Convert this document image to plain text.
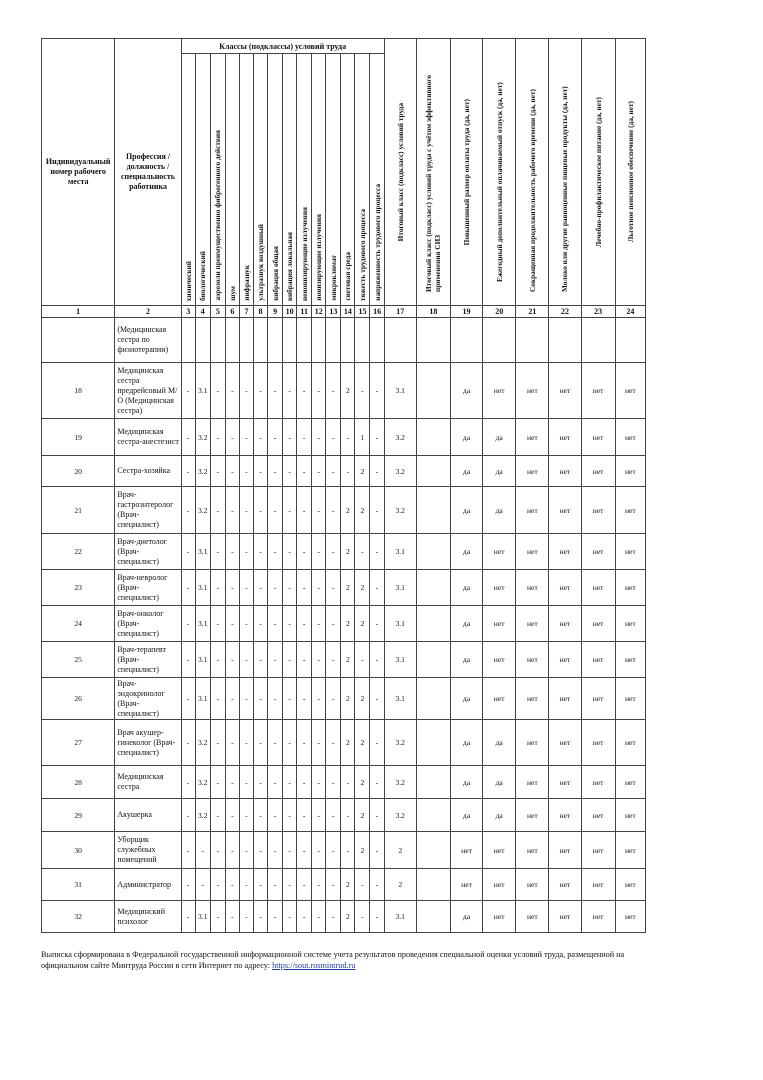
Индивидуальный номер рабочего места	Профессия / должность / специальность работника	Классы (подклассы) условий труда														Итоговый класс (подкласс) условий труда	Итоговый класс (подкласс) условий труда с учётом эффективного применения СИЗ	Повышенный размер оплаты труда (да, нет)	Ежегодный дополнительный оплачиваемый отпуск (да, нет)	Сокращенная продолжительность рабочего времени (да, нет)	Молоко или другие равноценные пищевые продукты (да, нет)	Лечебно-профилактическое питание (да, нет)	Льготное пенсионное обеспечение (да, нет)

		химический	биологический	аэрозоли преимущественно фиброгенного действия	шум	инфразвук	ультразвук воздушный	вибрация общая	вибрация локальная	неионизирующие излучения	ионизирующие излучения	микроклимат	световая среда	тяжесть трудового процесса	напряженность трудового процесса								

1	2	3	4	5	6	7	8	9	10	11	12	13	14	15	16	17	18	19	20	21	22	23	24
	(Медицинская сестра по физиотерапии)																						
18	Медицинская сестра предрейсовый М/О (Медицинская сестра)	-	3.1	-	-	-	-	-	-	-	-	-	2	-	-	3.1		да	нет	нет	нет	нет	нет
19	Медицинская сестра-анестезист	-	3.2	-	-	-	-	-	-	-	-	-	-	1	-	3.2		да	да	нет	нет	нет	нет
20	Сестра-хозяйка	-	3.2	-	-	-	-	-	-	-	-	-	-	2	-	3.2		да	да	нет	нет	нет	нет
21	Врач-гастроэнтеролог (Врач-специалист)	-	3.2	-	-	-	-	-	-	-	-	-	2	2	-	3.2		да	да	нет	нет	нет	нет
22	Врач-диетолог (Врач-специалист)	-	3.1	-	-	-	-	-	-	-	-	-	2	-	-	3.1		да	нет	нет	нет	нет	нет
23	Врач-невролог (Врач-специалист)	-	3.1	-	-	-	-	-	-	-	-	-	2	2	-	3.1		да	нет	нет	нет	нет	нет
24	Врач-онколог (Врач-специалист)	-	3.1	-	-	-	-	-	-	-	-	-	2	2	-	3.1		да	нет	нет	нет	нет	нет
25	Врач-терапевт (Врач-специалист)	-	3.1	-	-	-	-	-	-	-	-	-	2	-	-	3.1		да	нет	нет	нет	нет	нет
26	Врач-эндокринолог (Врач-специалист)	-	3.1	-	-	-	-	-	-	-	-	-	2	2	-	3.1		да	нет	нет	нет	нет	нет
27	Врач акушер-гинеколог (Врач-специалист)	-	3.2	-	-	-	-	-	-	-	-	-	2	2	-	3.2		да	да	нет	нет	нет	нет
28	Медицинская сестра	-	3.2	-	-	-	-	-	-	-	-	-	-	2	-	3.2		да	да	нет	нет	нет	нет
29	Акушерка	-	3.2	-	-	-	-	-	-	-	-	-	-	2	-	3.2		да	да	нет	нет	нет	нет
30	Уборщик служебных помещений	-	-	-	-	-	-	-	-	-	-	-	-	2	-	2		нет	нет	нет	нет	нет	нет
31	Администратор	-	-	-	-	-	-	-	-	-	-	-	2	-	-	2		нет	нет	нет	нет	нет	нет
32	Медицинский психолог	-	3.1	-	-	-	-	-	-	-	-	-	2	-	-	3.1		да	нет	нет	нет	нет	нет
Выписка сформирована в Федеральной государственной информационной системе учета результатов проведения специальной оценки условий труда, размещенной на официальном сайте Минтруда России в сети Интернет по адресу: https://sout.rosmintrud.ru
